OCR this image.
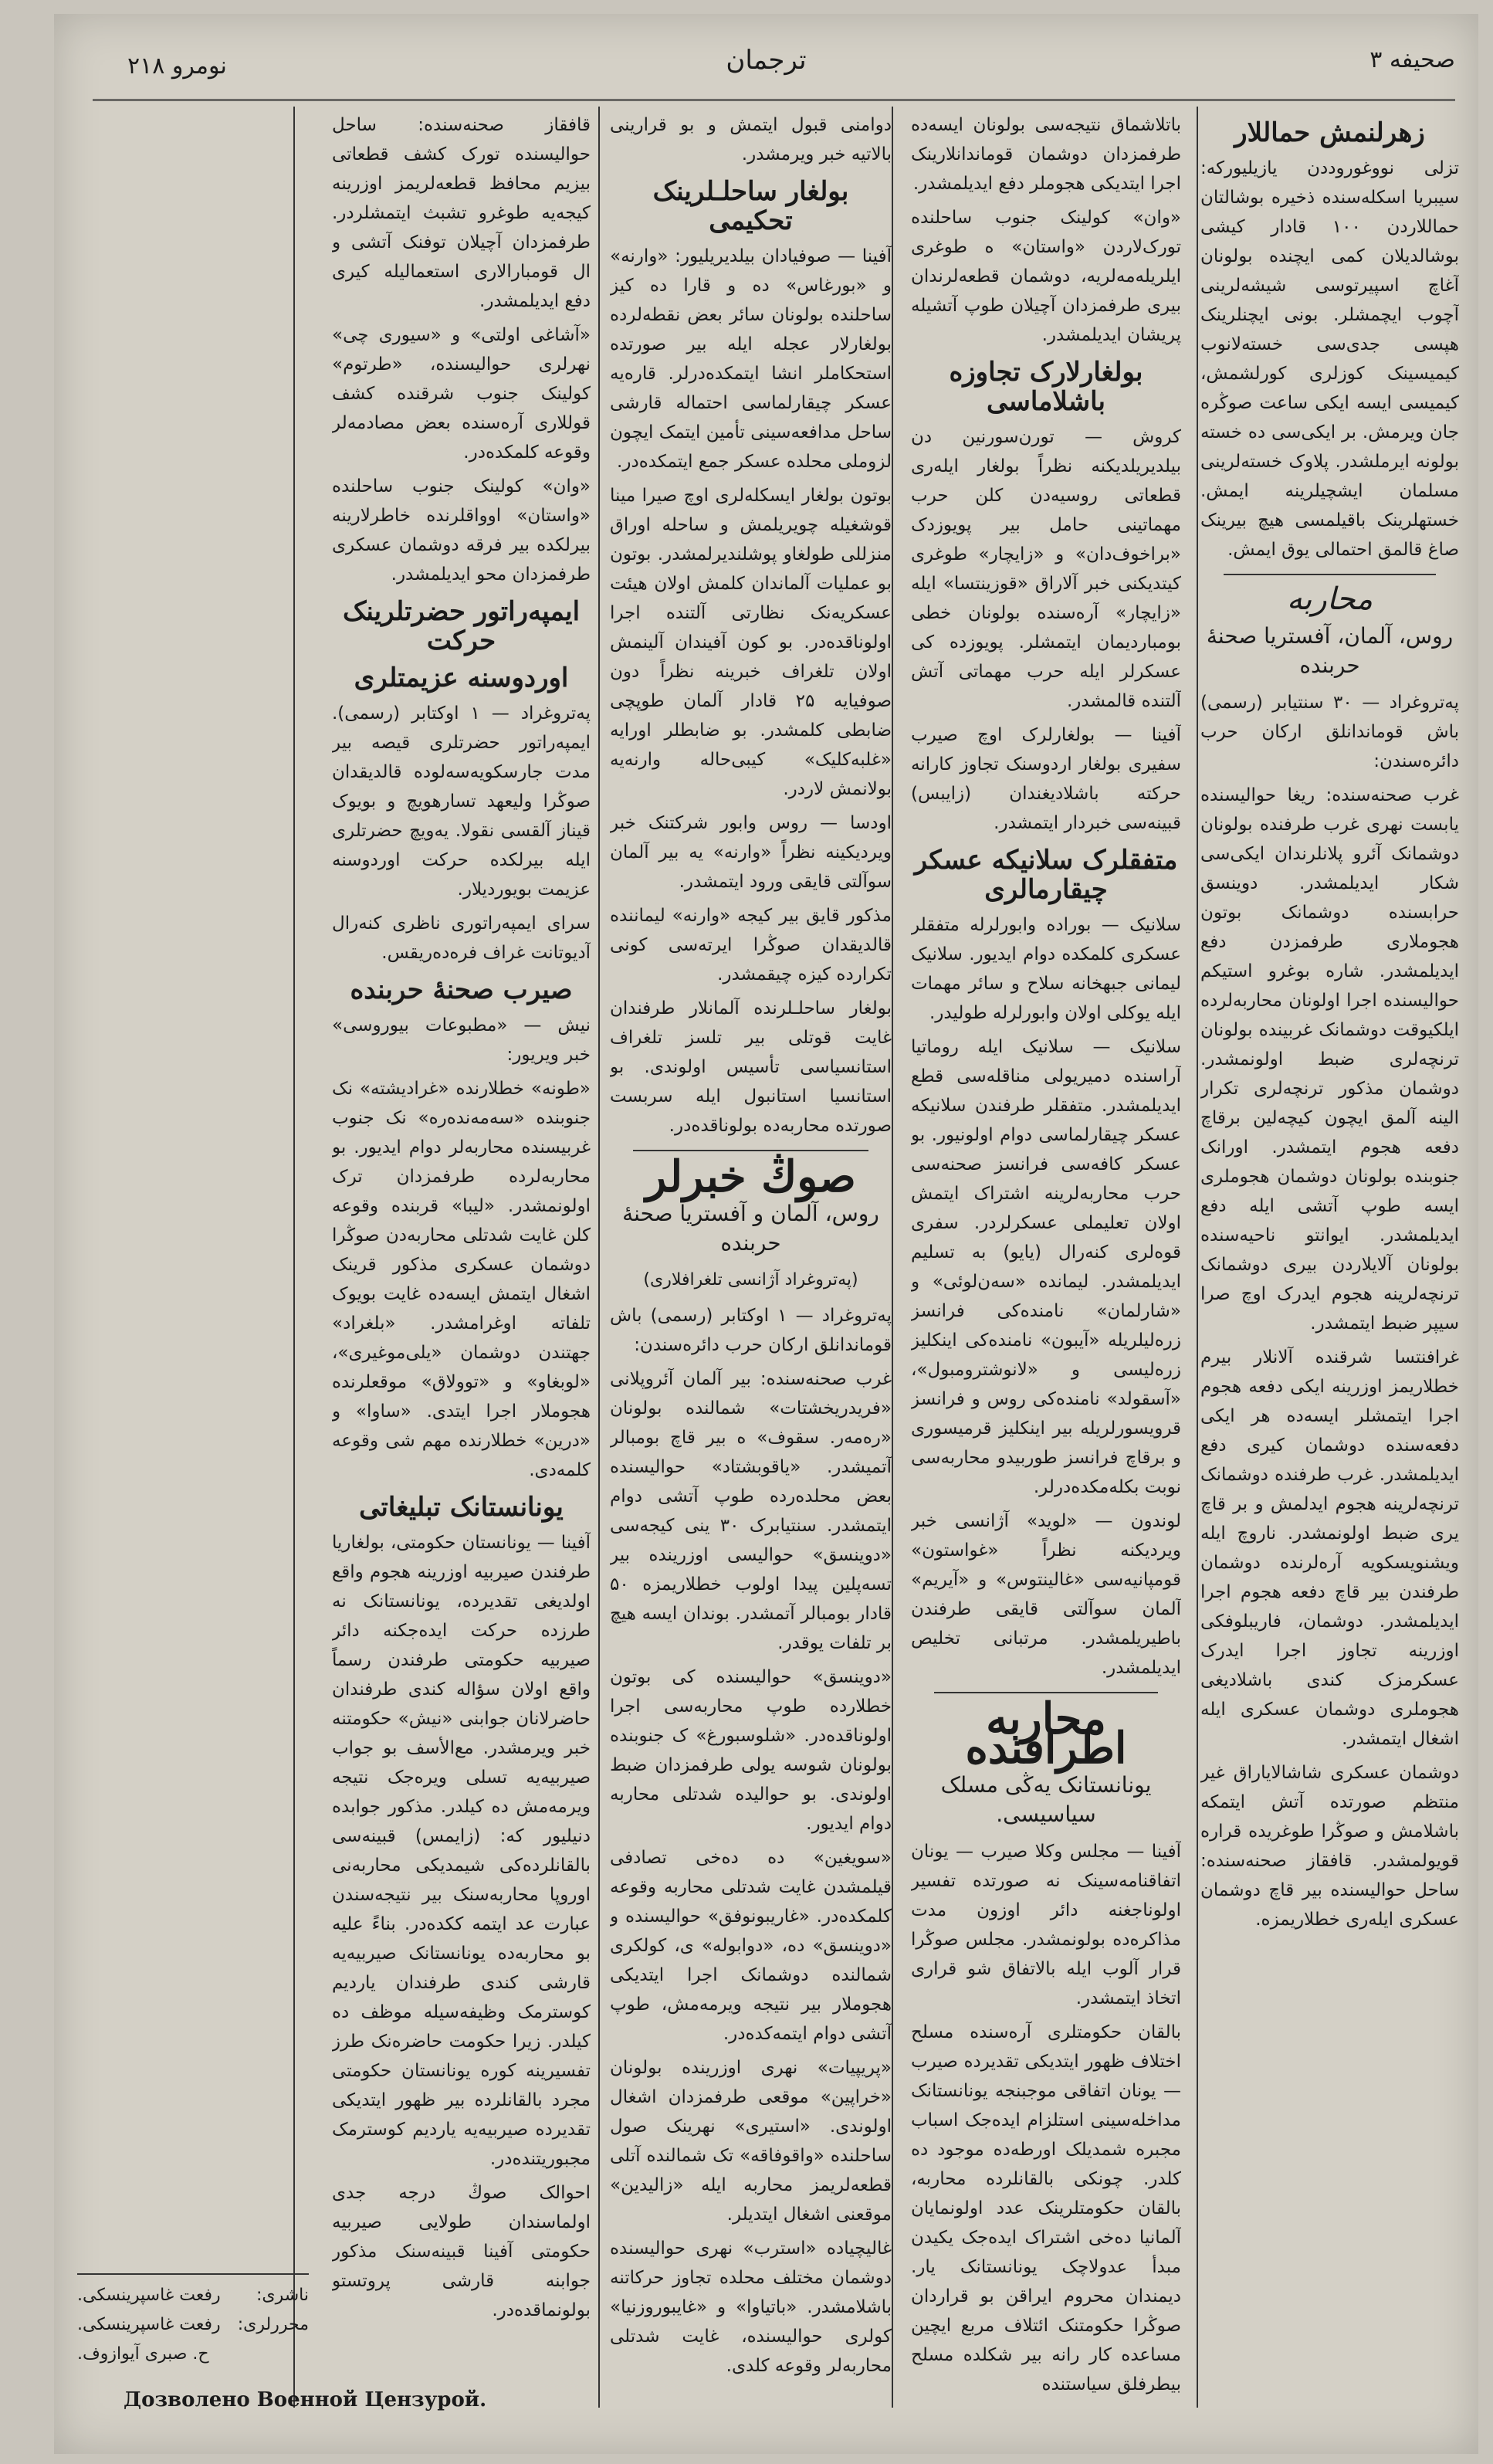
نومرو ۲۱۸	ترجمان	صحیفه ۳
زهرلنمش حماللار

تزلی نووغوروددن یازیلیورکه: سیبریا اسکله‌سنده ذخیره بوشالتان حماللاردن ۱۰۰ قادار کیشی بوشالدیلان کمی ایچنده بولونان آغاچ اسپیرتوسی شیشه‌لرینی آچوب ایچمشلر. بونی ایچنلرینک هپسی جدی‌سی خسته‌لانوب کیمیسینک کوزلری کورلشمش، کیمیسی ایسه ایکی ساعت صوڭره جان ویرمش. بر ایکی‌سی ده خسته بولونه ایرملشدر. پلاوک خسته‌لرینی مسلمان ایشچیلرینه ایمش. خستهلرینک باقیلمسی هیچ بیرینک صاغ قالمق احتمالی یوق ایمش.

محاربه
روس، آلمان، آفستریا صحنهٔ حربنده

پەتروغراد — ۳۰ سنتیابر (رسمی) باش قوماندانلق ارکان حرب دائره‌سندن:

غرب صحنه‌سنده: ریغا حوالیسنده یابست نهری غرب طرفنده بولونان دوشمانک آئرو پلانلرندان ایکی‌سی شکار ایدیلمشدر. دوینسق حرابسنده دوشمانک بوتون هجوملاری طرفمزدن دفع ایدیلمشدر. شاره بوغرو استیکم حوالیسنده اجرا اولونان محاربه‌لرده ایلکیوقت دوشمانک غربینده بولونان ترنچه‌لری ضبط اولونمشدر. دوشمان مذکور ترنچه‌لری تکرار الینه آلمق ایچون کیچه‌لین برقاچ دفعه هجوم ایتمشدر. اورانک جنوبنده بولونان دوشمان هجوملری ایسه طوپ آتشی ایله دفع ایدیلمشدر. ایوانتو ناحیه‌سنده بولونان آلایلاردن بیری دوشمانک ترنچه‌لرینه هجوم ایدرک اوچ صرا سیپر ضبط ایتمشدر.

غرافنتسا شرقنده آلانلار بیرم خطلاریمز اوزرینه ایکی دفعه هجوم اجرا ایتمشلر ایسه‌ده هر ایکی دفعه‌سنده دوشمان کیری دفع ایدیلمشدر. غرب طرفنده دوشمانک ترنچه‌لرینه هجوم ایدلمش و بر قاچ یری ضبط اولونمشدر. ناروچ ایله ویشنویسکویه آره‌لرنده دوشمان طرفندن بیر قاچ دفعه هجوم اجرا ایدیلمشدر. دوشمان، فاریبلوفکی اوزرینه تجاوز اجرا ایدرک عسکرمزک کندی باشلادیغی هجوملری دوشمان عسکری ایله اشغال ایتمشدر.

دوشمان عسکری شاشالایاراق غیر منتظم صورتده آتش ایتمکه باشلامش و صوڭرا طوغریده قراره قویولمشدر. قافقاز صحنه‌سنده: ساحل حوالیسنده بیر قاچ دوشمان عسکری ایله‌ری خطلاریمزه.

باتلاشماق نتیجه‌سی بولونان ایسه‌ده طرفمزدان دوشمان قوماندانلارینک اجرا ایتدیکی هجوملر دفع ایدیلمشدر.

«وان» کولینک جنوب ساحلنده تورک‌لاردن «واستان» ه طوغری ایلریله‌مه‌لریه، دوشمان قطعه‌لرندان بیری طرفمزدان آچیلان طوپ آتشیله پریشان ایدیلمشدر.

بولغارلارک تجاوزه باشلاماسی

کروش — تورن‌سورنین دن بیلدیریلدیکنه نظراً بولغار ایله‌ری قطعاتی روسیه‌دن کلن حرب مهماتینی حامل بیر پویوزدک «براخوف‌دان» و «زایچار» طوغری کیتدیکنی خبر آلاراق «قوزینتسا» ایله «زایچار» آره‌سنده بولونان خطی بومباردیمان ایتمشلر. پویوزده کی عسکرلر ایله حرب مهماتی آتش آلتنده قالمشدر.

آفینا — بولغارلرک اوچ صیرب سفیری بولغار اردوسنک تجاوز کارانه حرکته باشلادیغندان (زایبس) قبینه‌سی خبردار ایتمشدر.

متفقلرک سلانیکه عسکر چیقارمالری

سلانیک — بوراده وابورلرله متفقلر عسکری کلمکده دوام ایدیور. سلانیک لیمانی جبهخانه سلاح و سائر مهمات ایله یوکلی اولان وابورلرله طولیدر.

سلانیک — سلانیک ایله روماتیا آراسنده دمیریولی مناقله‌سی قطع ایدیلمشدر. متفقلر طرفندن سلانیکه عسکر چیقارلماسی دوام اولونیور. بو عسکر کافه‌سی فرانسز صحنه‌سی حرب محاربه‌لرینه اشتراک ایتمش اولان تعلیملی عسکر‌لردر. سفری قوه‌لری کنه‌رال (یایو) به تسلیم ایدیلمشدر. لیمانده «سه‌ن‌لوئی» و «شارلمان» نامنده‌کی فرانسز زره‌لیلریله «آیبون» نامنده‌کی اینکلیز زره‌لیسی و «لانوشترومبول»، «آسقولد» نامنده‌کی روس و فرانسز قرویسورلریله بیر اینکلیز قرمیسوری و برقاچ فرانسز طوربیدو محاربه‌سی نوبت بکله‌مکده‌درلر.

لوندون — «لوید» آژانسی خبر ویردیکنه نظراً «غواستون» قومپانیه‌سی «غالینتوس» و «آیریم» آلمان سوآلتی قایقی طرفندن باطیریلمشدر. مرتبانی تخلیص ایدیلمشدر.

محاربه اطرافنده
یونانستانک یەڭی مسلک سیاسیسی.

آفینا — مجلس وکلا صیرب — یونان اتفاقنامه‌سینک نه صورتده تفسیر اولوناجغنه دائر اوزون مدت مذاکره‌ده بولونمشدر. مجلس صوڭرا قرار آلوب ایله بالاتفاق شو قراری اتخاذ ایتمشدر.

بالقان حکومتلری آره‌سنده مسلح اختلاف ظهور ایتدیکی تقدیرده صیرب — یونان اتفاقی موجبنجه یونانستانک مداخله‌سینی استلزام ایده‌جک اسباب مجبره شمدیلک اورطه‌ده موجود ده کلدر. چونکی بالقانلرده محاربه، بالقان حکومتلرینک عدد اولونمایان آلمانیا ده‌خی اشتراک ایده‌جک یکیدن مبدأ عدولاچک یونانستانک یار. دیمندان محروم ایراقن بو قراردان صوڭرا حکومتنک ائتلاف مربع ایچین مساعده کار رانه بیر شکلده مسلح بیطرفلق سیاستنده

دوامنی قبول ایتمش و بو قرارینی بالاتیه خبر ویرمشدر.

بولغار ساحلـلرینک تحکیمی

آفینا — صوفیادان بیلدیریلیور: «وارنه» و «بورغاس» ده و قارا ده کیز ساحلنده بولونان سائر بعض نقطه‌لرده بولغارلار عجله ایله بیر صورتده استحکاملر انشا ایتمکده‌درلر. قاره‌یه عسکر چیقارلماسی احتماله قارشی ساحل مدافعه‌سینی تأمین ایتمک ایچون لزوملی محلده عسکر جمع ایتمکده‌در.

بوتون بولغار ایسکله‌لری اوچ صیرا مینا قوشغیله چویریلمش و ساحله اوراق منزللی طولغاو پوشلندیرلمشدر. بوتون بو عملیات آلماندان کلمش اولان هیئت عسکریه‌نک نظارتی آلتنده اجرا اولوناقده‌در. بو کون آفیندان آلینمش اولان تلغراف خبرینه نظراً دون صوفیایه ۲۵ قادار آلمان طوپچی ضابطی کلمشدر. بو ضابطلر اورایه «غلبه‌کلیک» کیبی‌حاله وارنه‌یه بولانمش لاردر.

اودسا — روس وابور شرکتنک خبر ویردیکینه نظراً «وارنه» یه بیر آلمان سوآلتی قایقی ورود ایتمشدر.

مذکور قایق بیر کیجه «وارنه» لیماننده قالدیقدان صوڭرا ایرته‌سی کونی تکرارده کیزه چیقمشدر.

بولغار ساحلـلرنده آلمانلار طرفندان غایت قوتلی بیر تلسز تلغراف استانسیاسی تأسیس اولوندی. بو استانسیا استانبول ایله سربست صورتده محاربه‌ده بولوناقده‌در.

صوڭ خبرلر
روس، آلمان و آفستریا صحنهٔ حربنده
(پەتروغراد آژانسی تلغرافلاری)

پەتروغراد — ۱ اوکتابر (رسمی) باش قوماندانلق ارکان حرب دائره‌سندن:

غرب صحنه‌سنده: بیر آلمان آئروپلانی «فریدریخشتات» شمالنده بولونان «ره‌مه‌ر. سقوف» ه بیر قاچ بومبالر آتمیشدر. «یاقوبشتاد» حوالیسنده بعض محلده‌رده طوپ آتشی دوام ایتمشدر. سنتیابرک ۳۰ ینی کیجه‌سی «دوینسق» حوالیسی اوزرینده بیر تسه‌پلین پیدا اولوب خطلاریمزه ۵۰ قادار بومبالر آتمشدر. بوندان ایسه هیچ بر تلفات یوقدر.

«دوینسق» حوالیسنده کی بوتون خطلارده طوپ محاربه‌سی اجرا اولوناقده‌در. «شلوسبورغ» ک جنوبنده بولونان شوسه یولی طرفمزدان ضبط اولوندی. بو حوالیده شدتلی محاربه دوام ایدیور.

«سویغین» ده ده‌خی تصادفی قیلمشدن غایت شدتلی محاربه وقوعه کلمکده‌در. «غاریبونوفق» حوالیسنده و «دوینسق» ده، «دوابوله» ی، کولکری شمالنده دوشمانک اجرا ایتدیکی هجوملار بیر نتیجه ویرمه‌مش، طوپ آتشی دوام ایتمه‌کده‌در.

«پریپیات» نهری اوزرینده بولونان «خراپین» موقعی طرفمزدان اشغال اولوندی. «استیری» نهرینک صول ساحلنده «واقوفاقه» تک شمالنده آتلی قطعه‌لریمز محاربه ایله «زالیدین» موقعنی اشغال ایتدیلر.

غالیچیاده «استرب» نهری حوالیسنده دوشمان مختلف محلده تجاوز حرکاتنه باشلامشدر. «باتیاوا» و «غایبوروزنیا» کولری حوالیسنده، غایت شدتلی محاربه‌لر وقوعه کلدی.

قافقاز صحنه‌سنده: ساحل حوالیسنده تورک کشف قطعاتی بیزیم محافظ قطعه‌لریمز اوزرینه کیجه‌یه طوغرو تشبث ایتمشلردر. طرفمزدان آچیلان توفنک آتشی و ال قومبارالاری استعمالیله کیری دفع ایدیلمشدر.

«آشاغی اولتی» و «سیوری چی» نهرلری حوالیسنده، «طرتوم» کولینک جنوب شرقنده کشف قوللاری آره‌سنده بعض مصادمه‌لر وقوعه کلمکده‌در.

«وان» کولینک جنوب ساحلنده «واستان» اوواقلرنده خاطرلارینه بیرلکده بیر فرقه دوشمان عسکری طرفمزدان محو ایدیلمشدر.

ایمپەراتور حضرتلرینک حرکت
اوردوسنه عزیمتلری

پەتروغراد — ۱ اوکتابر (رسمی). ایمپەراتور حضرتلری قیصه بیر مدت جارسکویه‌سەلوده قالدیقدان صوڭرا ولیعهد تسارهویچ و بویوک قیناز آلقسی نقولا. یەویچ حضرتلری ایله بیرلکده حرکت اوردوسنه عزیمت بویوردیلار.

سرای ایمپەراتوری ناظری کنه‌رال آدیوتانت غراف فره‌ده‌ریقس.

صیرب صحنهٔ حربنده

نیش — «مطبوعات بیوروسی» خبر ویریور:

«طونه» خطلارنده «غرادیشته» نک جنوبنده «سه‌مه‌نده‌ره» نک جنوب غربیسنده محاربه‌لر دوام ایدیور. بو محاربه‌لرده طرفمزدان ترک اولونمشدر. «لیبا» قربنده وقوعه کلن غایت شدتلی محاربه‌دن صوڭرا دوشمان عسکری مذکور قرینک اشغال ایتمش ایسه‌ده غایت بویوک تلفاته اوغرامشدر. «بلغراد» جهتندن دوشمان «یلی‌موغیری»، «لوبغاو» و «توولاق» موقعلرنده هجوملار اجرا ایتدی. «ساوا» و «درین» خطلارنده مهم شی وقوعه کلمه‌دی.

یونانستانک تبلیغاتی

آفینا — یونانستان حکومتی، بولغاریا طرفندن صیربیه اوزرینه هجوم واقع اولدیغی تقدیرده، یونانستانک نه طرزده حرکت ایده‌جکنه دائر صیربیه حکومتی طرفندن رسماً واقع اولان سؤاله کندی طرفندان حاضرلانان جوابنی «نیش» حکومتنه خبر ویرمشدر. مع‌الأسف بو جواب صیربیه‌یه تسلی ویره‌جک نتیجه ویرمه‌مش ده کیلدر. مذکور جوابده دنیلیور که: (زایمس) قبینه‌سی بالقانلرده‌کی شیمدیکی محاربه‌نی اوروپا محاربه‌سنک بیر نتیجه‌سندن عبارت عد ایتمه ککده‌در. بناءً علیه بو محاربه‌ده یونانستانک صیربیه‌یه قارشی کندی طرفندان یاردیم کوسترمک وظیفه‌سیله موظف ده کیلدر. زیرا حکومت حاضره‌نک طرز تفسیرینه کوره یونانستان حکومتی مجرد بالقانلرده بیر ظهور ایتدیکی تقدیرده صیربیه‌یه یاردیم کوسترمک مجبوریتنده‌در.

احوالک صوڭ درجه جدی اولماسندان طولایی صیربیه حکومتی آفینا قبینه‌سنک مذکور جوابنه قارشی پروتستو بولونماقده‌در.

ناشری:
رفعت غاسپرینسکی.
محررلری:
رفعت غاسپرینسکی.
ح. صبری آیوازوف.
Дозволено Военной Цензурой.
